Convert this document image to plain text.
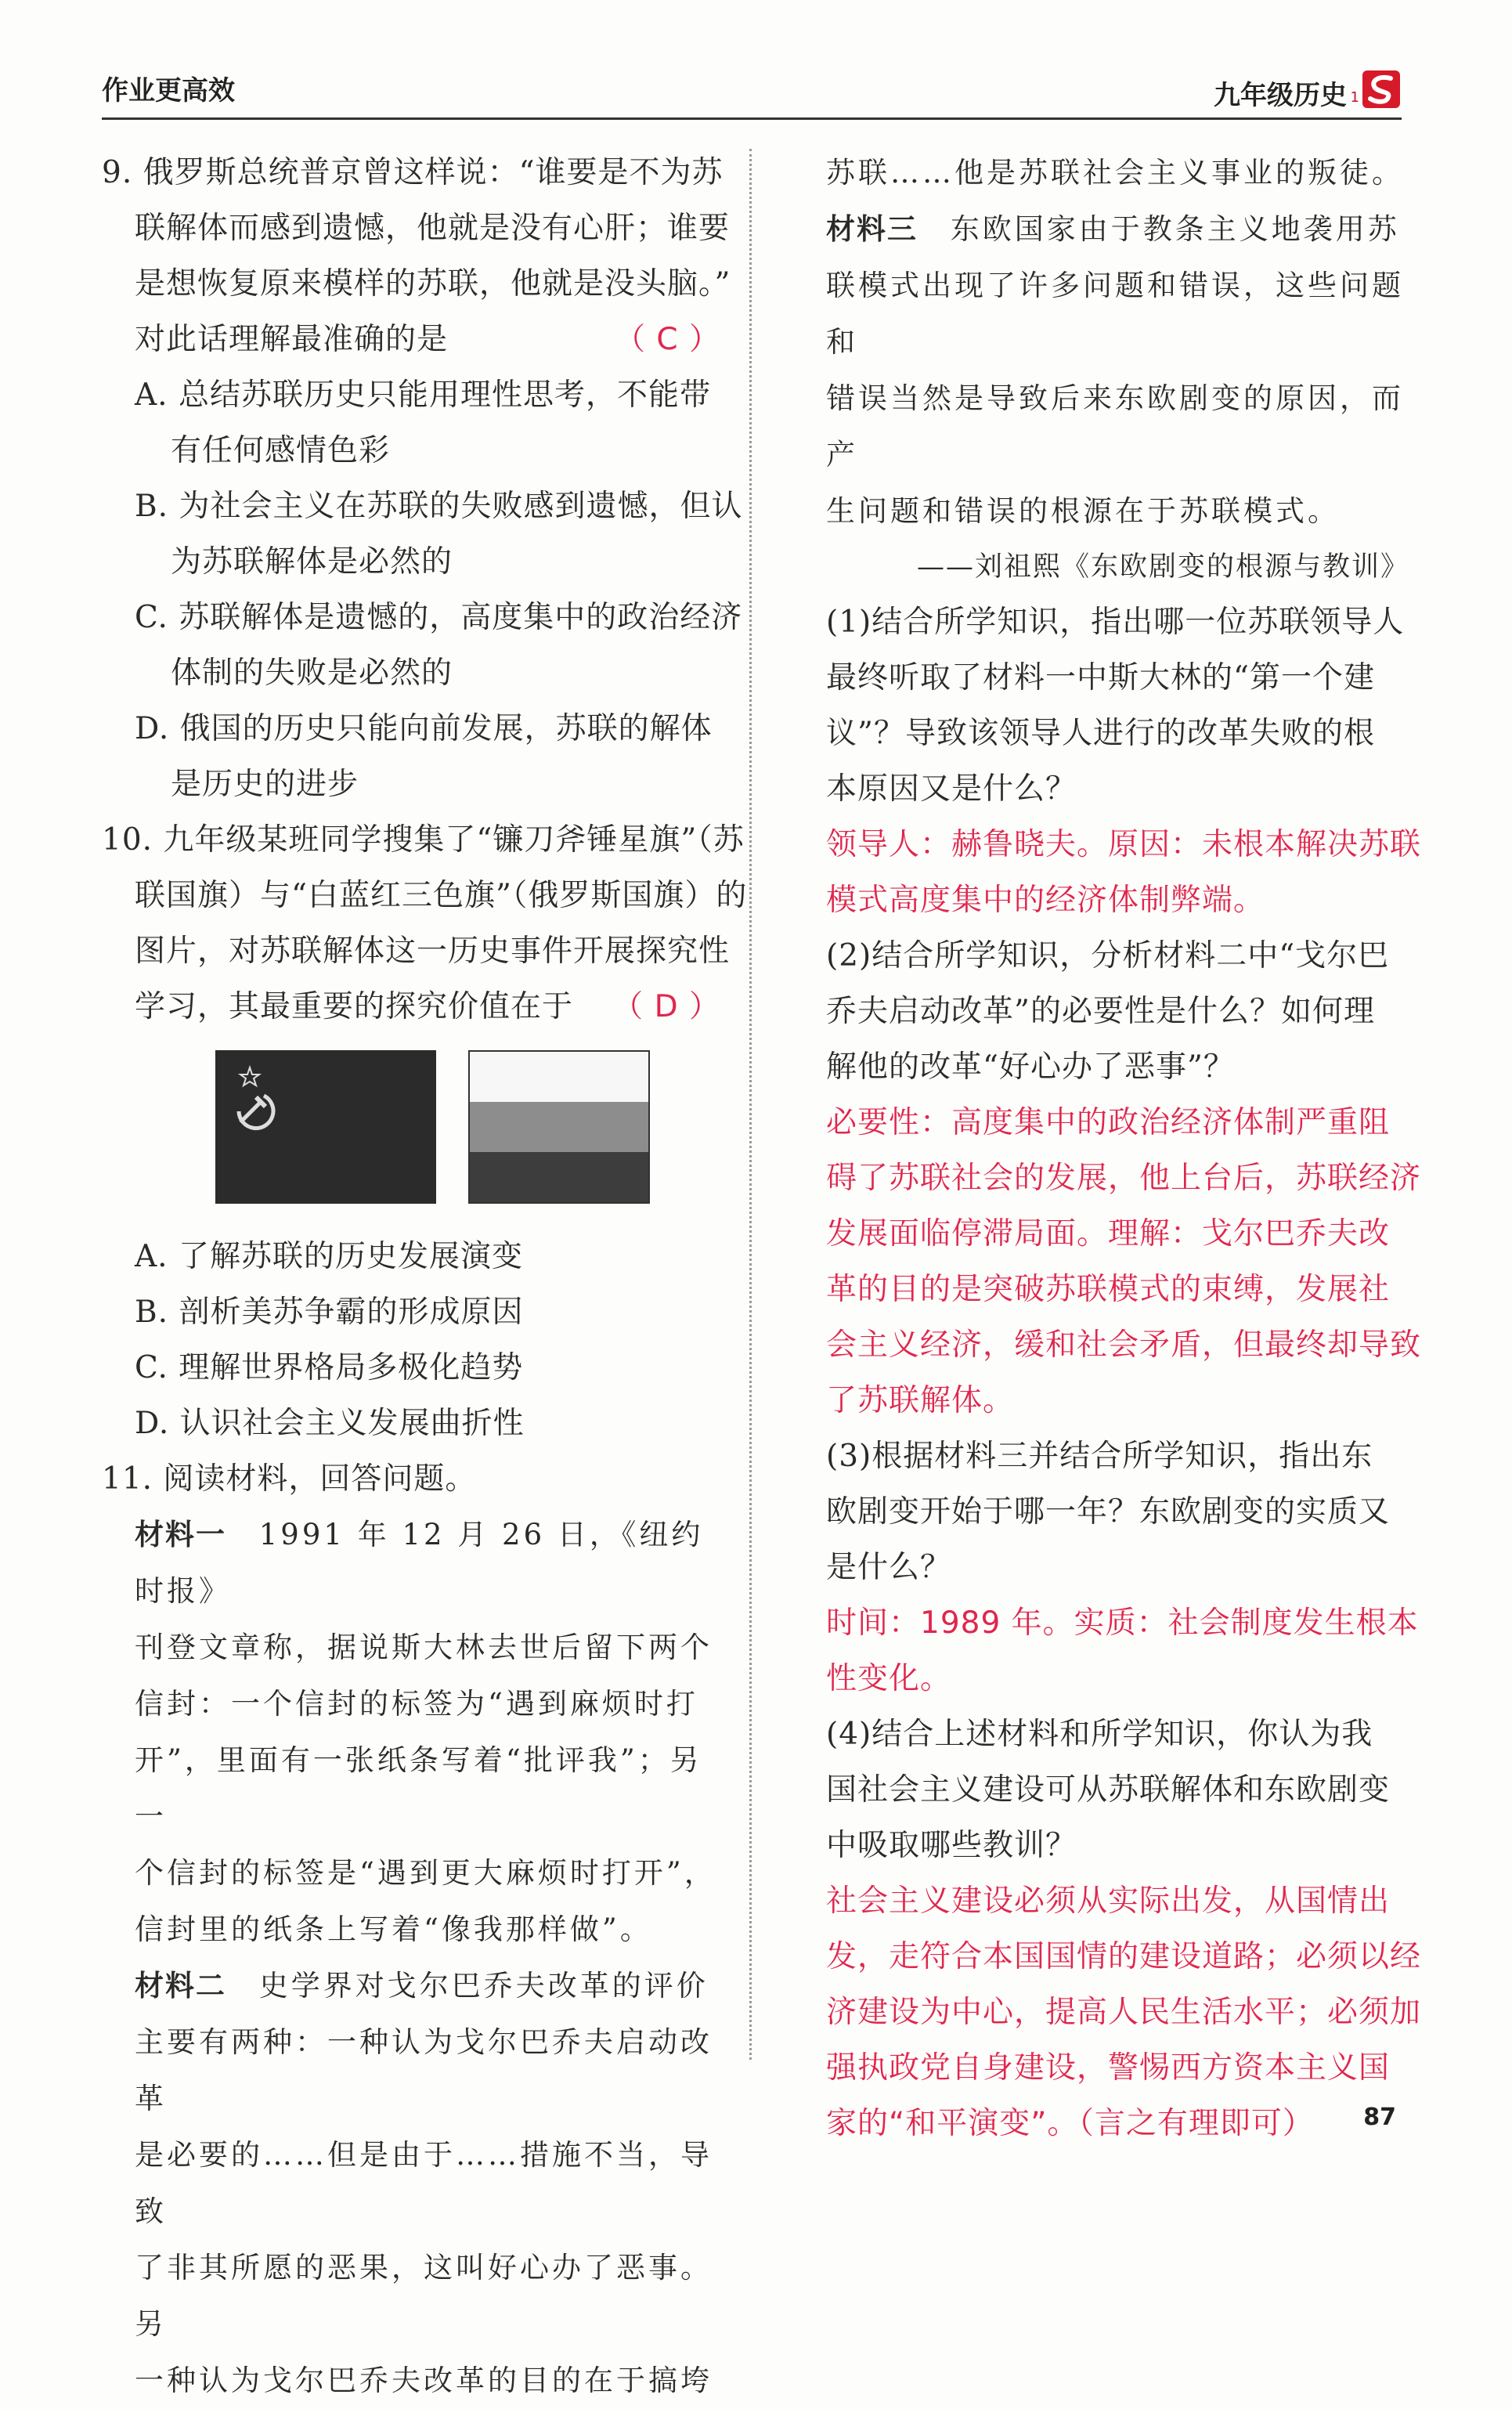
作业更高效	九年级历史 1
9. 俄罗斯总统普京曾这样说：“谁要是不为苏
联解体而感到遗憾，他就是没有心肝；谁要
是想恢复原来模样的苏联，他就是没头脑。”
对此话理解最准确的是	（ C ）
A. 总结苏联历史只能用理性思考，不能带
有任何感情色彩
B. 为社会主义在苏联的失败感到遗憾，但认
为苏联解体是必然的
C. 苏联解体是遗憾的，高度集中的政治经济
体制的失败是必然的
D. 俄国的历史只能向前发展，苏联的解体
是历史的进步
10. 九年级某班同学搜集了“镰刀斧锤星旗”（苏
联国旗）与“白蓝红三色旗”（俄罗斯国旗）的
图片，对苏联解体这一历史事件开展探究性
学习，其最重要的探究价值在于 （ D ）
A. 了解苏联的历史发展演变
B. 剖析美苏争霸的形成原因
C. 理解世界格局多极化趋势
D. 认识社会主义发展曲折性
11. 阅读材料，回答问题。
材料一 1991 年 12 月 26 日，《纽约时报》
刊登文章称，据说斯大林去世后留下两个
信封：一个信封的标签为“遇到麻烦时打
开”，里面有一张纸条写着“批评我”；另一
个信封的标签是“遇到更大麻烦时打开”，
信封里的纸条上写着“像我那样做”。
材料二 史学界对戈尔巴乔夫改革的评价
主要有两种：一种认为戈尔巴乔夫启动改革
是必要的……但是由于……措施不当，导致
了非其所愿的恶果，这叫好心办了恶事。另
一种认为戈尔巴乔夫改革的目的在于搞垮
苏联……他是苏联社会主义事业的叛徒。
材料三 东欧国家由于教条主义地袭用苏
联模式出现了许多问题和错误，这些问题和
错误当然是导致后来东欧剧变的原因，而产
生问题和错误的根源在于苏联模式。
——刘祖熙《东欧剧变的根源与教训》
(1)结合所学知识，指出哪一位苏联领导人
最终听取了材料一中斯大林的“第一个建
议”？导致该领导人进行的改革失败的根
本原因又是什么？
领导人：赫鲁晓夫。原因：未根本解决苏联
模式高度集中的经济体制弊端。
(2)结合所学知识，分析材料二中“戈尔巴
乔夫启动改革”的必要性是什么？如何理
解他的改革“好心办了恶事”？
必要性：高度集中的政治经济体制严重阻
碍了苏联社会的发展，他上台后，苏联经济
发展面临停滞局面。理解：戈尔巴乔夫改
革的目的是突破苏联模式的束缚，发展社
会主义经济，缓和社会矛盾，但最终却导致
了苏联解体。
(3)根据材料三并结合所学知识，指出东
欧剧变开始于哪一年？东欧剧变的实质又
是什么？
时间：1989 年。实质：社会制度发生根本
性变化。
(4)结合上述材料和所学知识，你认为我
国社会主义建设可从苏联解体和东欧剧变
中吸取哪些教训？
社会主义建设必须从实际出发，从国情出
发，走符合本国国情的建设道路；必须以经
济建设为中心，提高人民生活水平；必须加
强执政党自身建设，警惕西方资本主义国
家的“和平演变”。（言之有理即可）	87
